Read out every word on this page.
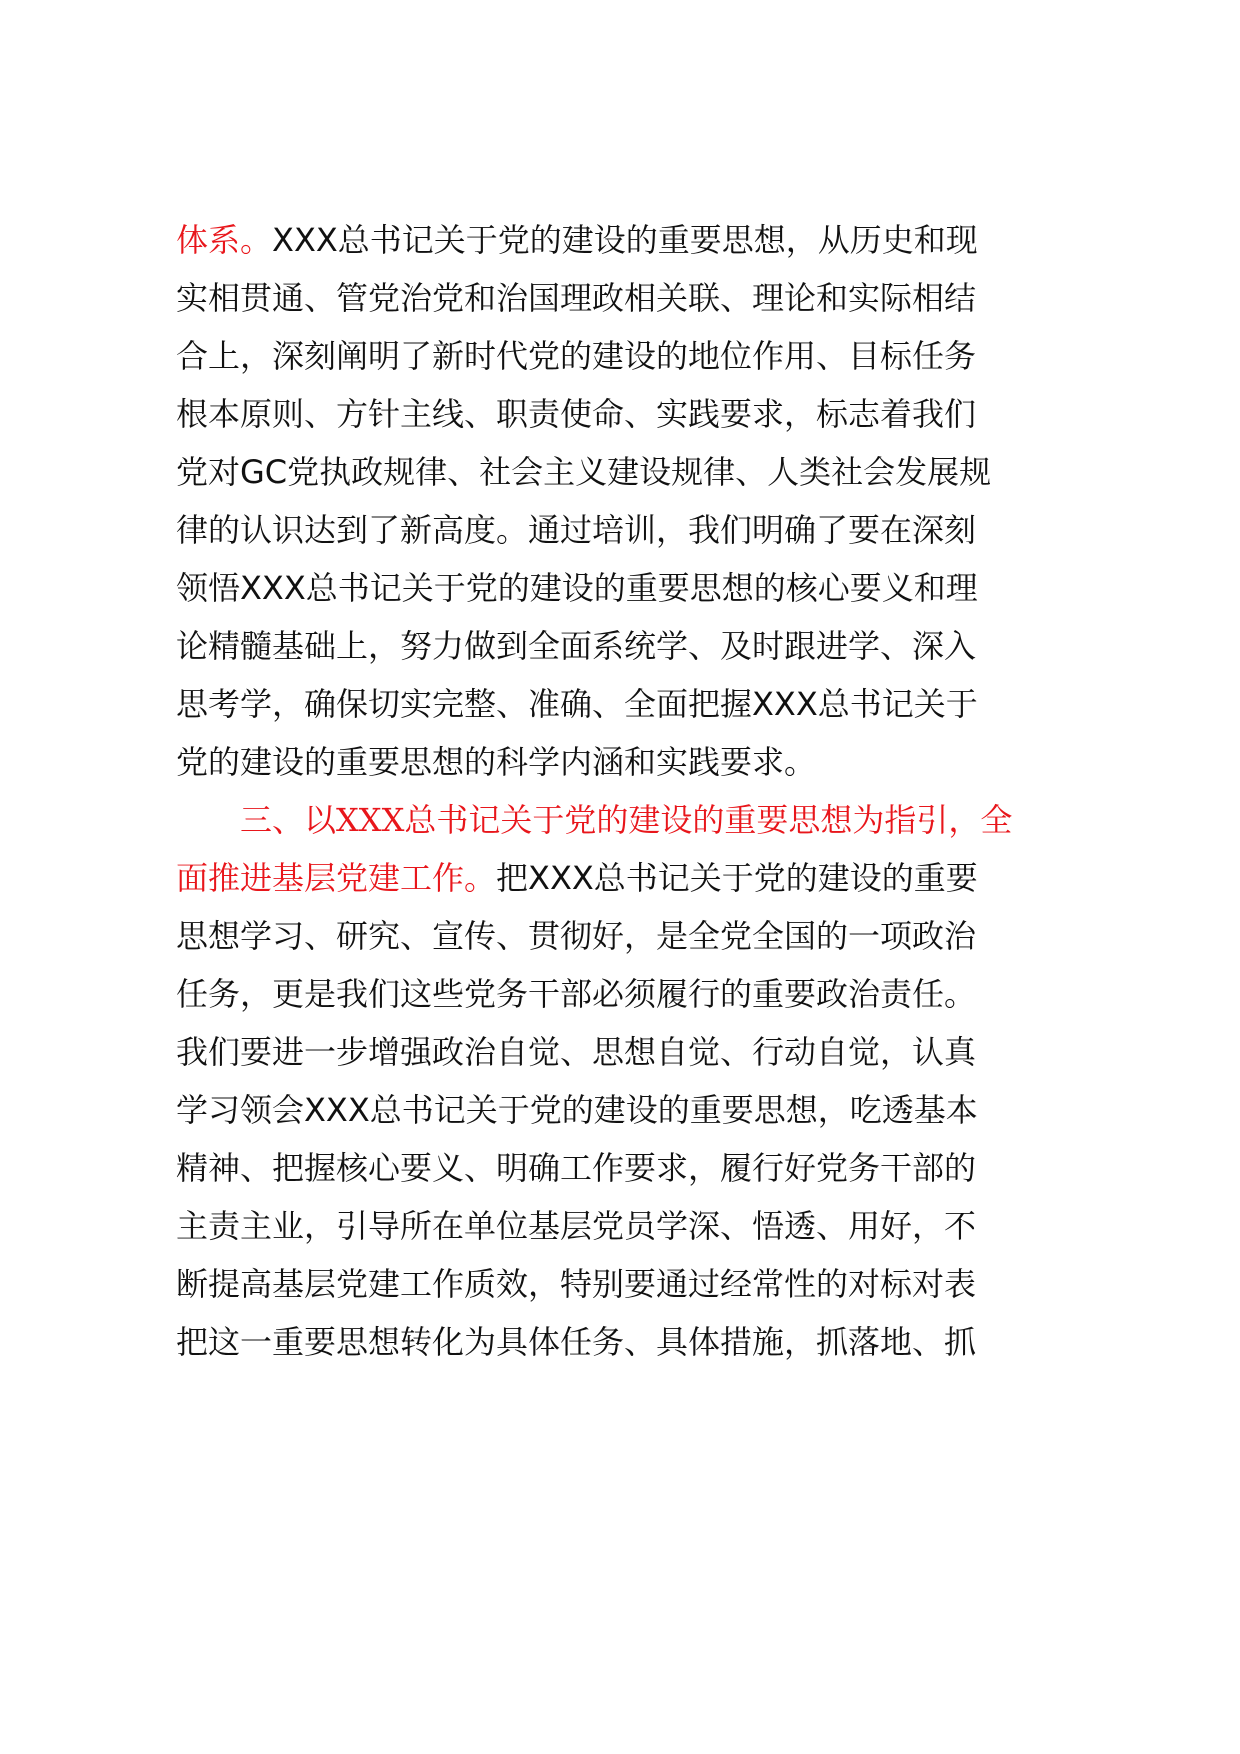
体系。XXX总书记关于党的建设的重要思想，从历史和现
实相贯通、管党治党和治国理政相关联、理论和实际相结
合上，深刻阐明了新时代党的建设的地位作用、目标任务
根本原则、方针主线、职责使命、实践要求，标志着我们
党对GC党执政规律、社会主义建设规律、人类社会发展规
律的认识达到了新高度。通过培训，我们明确了要在深刻
领悟XXX总书记关于党的建设的重要思想的核心要义和理
论精髓基础上，努力做到全面系统学、及时跟进学、深入
思考学，确保切实完整、准确、全面把握XXX总书记关于
党的建设的重要思想的科学内涵和实践要求。
三、以XXX总书记关于党的建设的重要思想为指引，全
面推进基层党建工作。把XXX总书记关于党的建设的重要
思想学习、研究、宣传、贯彻好，是全党全国的一项政治
任务，更是我们这些党务干部必须履行的重要政治责任。
我们要进一步增强政治自觉、思想自觉、行动自觉，认真
学习领会XXX总书记关于党的建设的重要思想，吃透基本
精神、把握核心要义、明确工作要求，履行好党务干部的
主责主业，引导所在单位基层党员学深、悟透、用好，不
断提高基层党建工作质效，特别要通过经常性的对标对表
把这一重要思想转化为具体任务、具体措施，抓落地、抓
